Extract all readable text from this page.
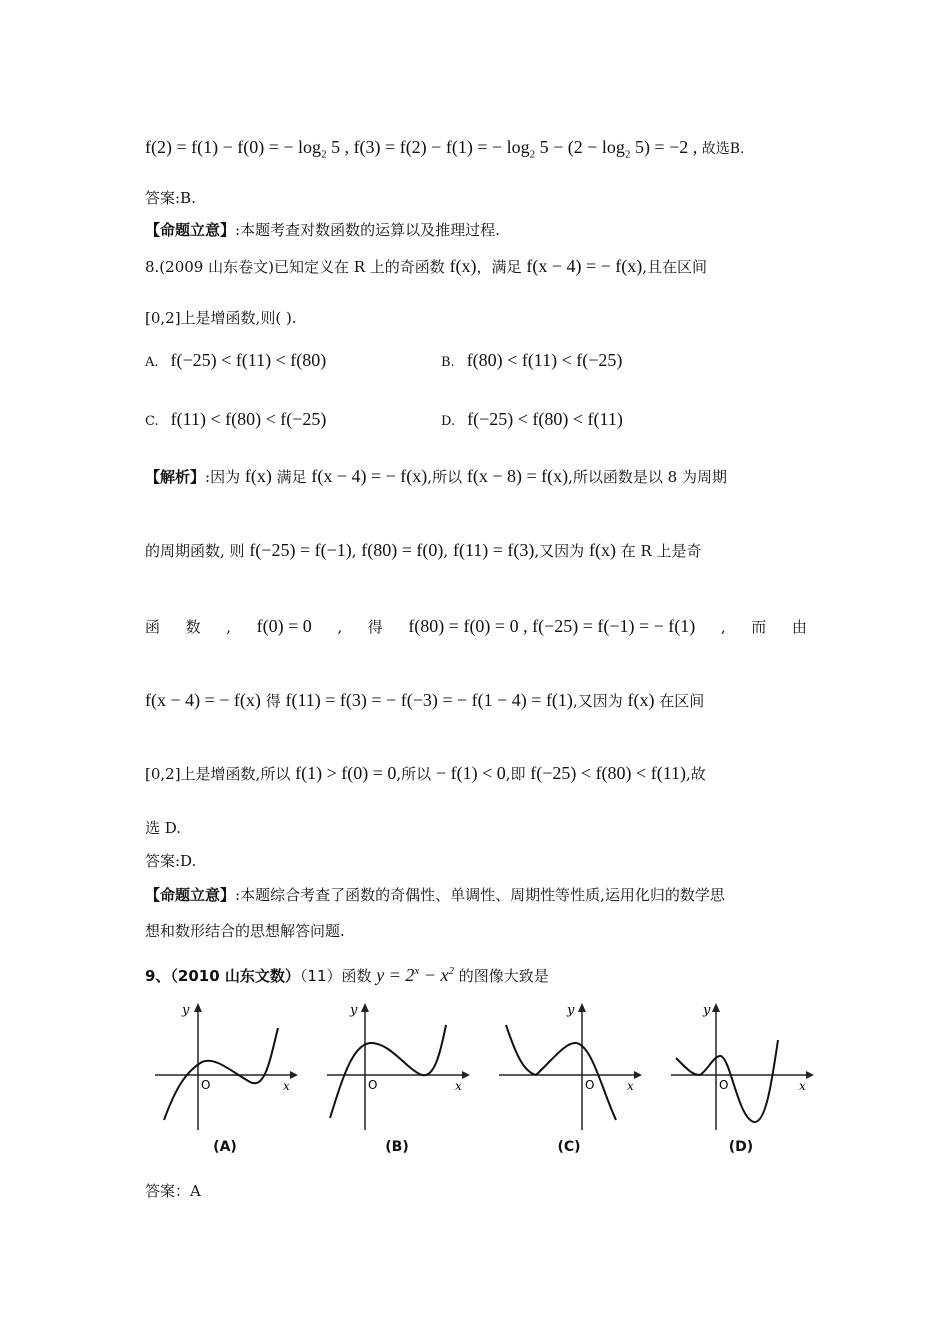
f(2) = f(1) − f(0) = − $\log_2 5$ , f(3) = f(2) − f(1) = − $\log_2 5 - (2 - \log_2 5) = -2$ , 故选B.
答案:B.
【命题立意】:本题考查对数函数的运算以及推理过程.
8.(2009 山东卷文)已知定义在 R 上的奇函数 f(x)，满足 f(x − 4) = − f(x),且在区间
[0,2]上是增函数,则( ).
A. f(−25) < f(11) < f(80)	B. f(80) < f(11) < f(−25)
C. f(11) < f(80) < f(−25)	D. f(−25) < f(80) < f(11)
【解析】:因为 f(x) 满足 f(x − 4) = − f(x),所以 f(x − 8) = f(x),所以函数是以 8 为周期
的周期函数, 则 f(−25) = f(−1), f(80) = f(0), f(11) = f(3),又因为 f(x) 在 R 上是奇
函 数 , f(0) = 0 , 得 f(80) = f(0) = 0 , f(−25) = f(−1) = − f(1) , 而 由
f(x − 4) = − f(x) 得 f(11) = f(3) = − f(−3) = − f(1 − 4) = f(1),又因为 f(x) 在区间
[0,2]上是增函数,所以 f(1) > f(0) = 0,所以 − f(1) < 0,即 f(−25) < f(80) < f(11),故
选 D.
答案:D.
【命题立意】:本题综合考查了函数的奇偶性、单调性、周期性等性质,运用化归的数学思
想和数形结合的思想解答问题.
9、（2010 山东文数）（11）函数 $y = 2^x - x^2$ 的图像大致是
y
x
O
(A)
y
x
O
(B)
y
x
O
(C)
y
x
O
(D)
答案：A
